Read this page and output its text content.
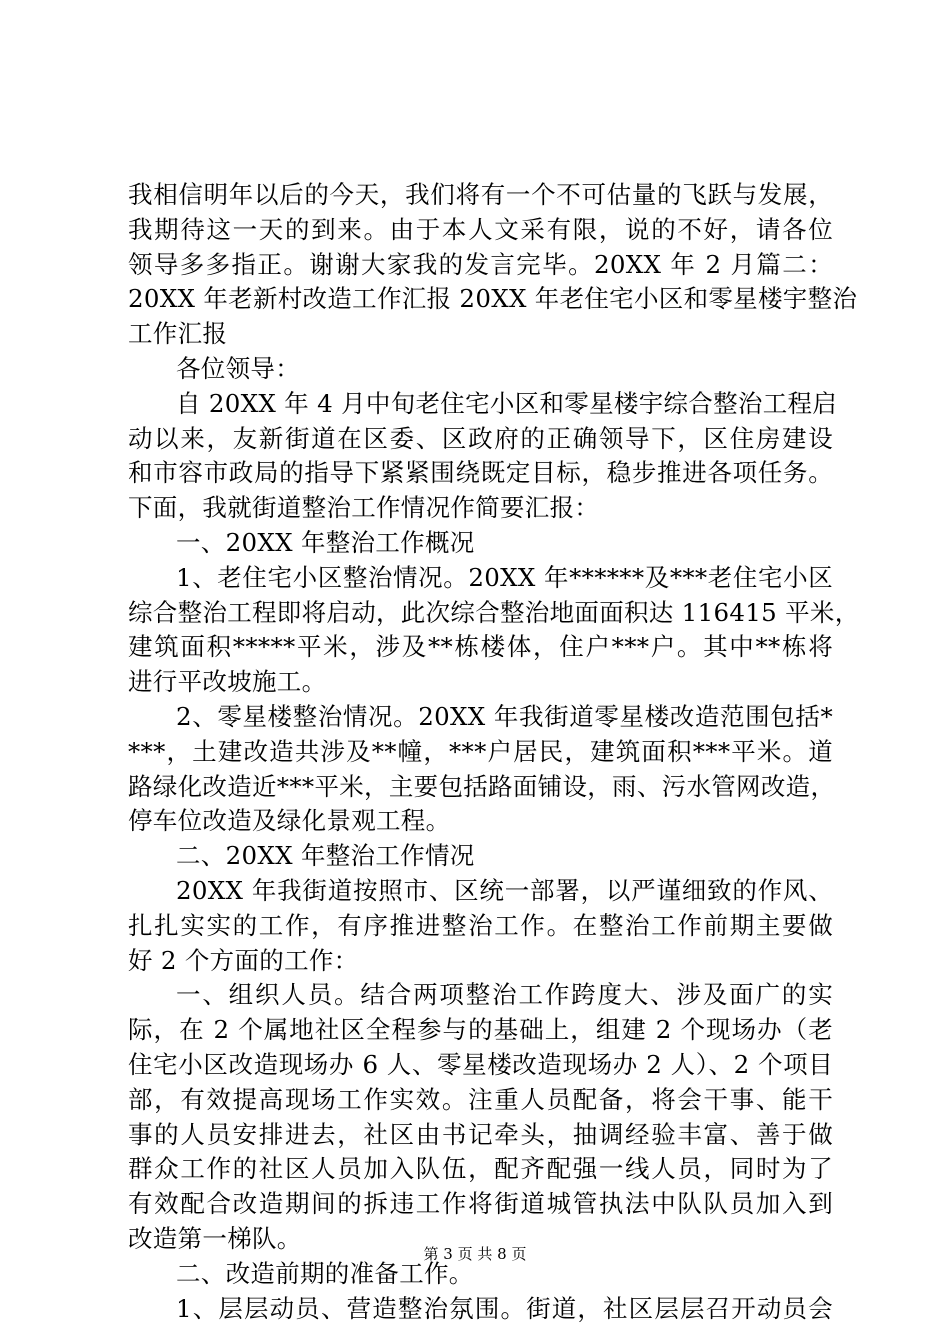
我相信明年以后的今天，我们将有一个不可估量的飞跃与发展，
我期待这一天的到来。由于本人文采有限，说的不好，请各位
领导多多指正。谢谢大家我的发言完毕。20XX 年 2 月篇二：
20XX 年老新村改造工作汇报 20XX 年老住宅小区和零星楼宇整治
工作汇报
各位领导：
自 20XX 年 4 月中旬老住宅小区和零星楼宇综合整治工程启
动以来，友新街道在区委、区政府的正确领导下，区住房建设
和市容市政局的指导下紧紧围绕既定目标，稳步推进各项任务。
下面，我就街道整治工作情况作简要汇报：
一、20XX 年整治工作概况
1、老住宅小区整治情况。20XX 年******及***老住宅小区
综合整治工程即将启动，此次综合整治地面面积达 116415 平米，
建筑面积*****平米，涉及**栋楼体，住户***户。其中**栋将
进行平改坡施工。
2、零星楼整治情况。20XX 年我街道零星楼改造范围包括*
***，土建改造共涉及**幢，***户居民，建筑面积***平米。道
路绿化改造近***平米，主要包括路面铺设，雨、污水管网改造，
停车位改造及绿化景观工程。
二、20XX 年整治工作情况
20XX 年我街道按照市、区统一部署，以严谨细致的作风、
扎扎实实的工作，有序推进整治工作。在整治工作前期主要做
好 2 个方面的工作：
一、组织人员。结合两项整治工作跨度大、涉及面广的实
际，在 2 个属地社区全程参与的基础上，组建 2 个现场办（老
住宅小区改造现场办 6 人、零星楼改造现场办 2 人）、2 个项目
部，有效提高现场工作实效。注重人员配备，将会干事、能干
事的人员安排进去，社区由书记牵头，抽调经验丰富、善于做
群众工作的社区人员加入队伍，配齐配强一线人员，同时为了
有效配合改造期间的拆违工作将街道城管执法中队队员加入到
改造第一梯队。
二、改造前期的准备工作。
1、层层动员、营造整治氛围。街道，社区层层召开动员会
第 3 页 共 8 页
